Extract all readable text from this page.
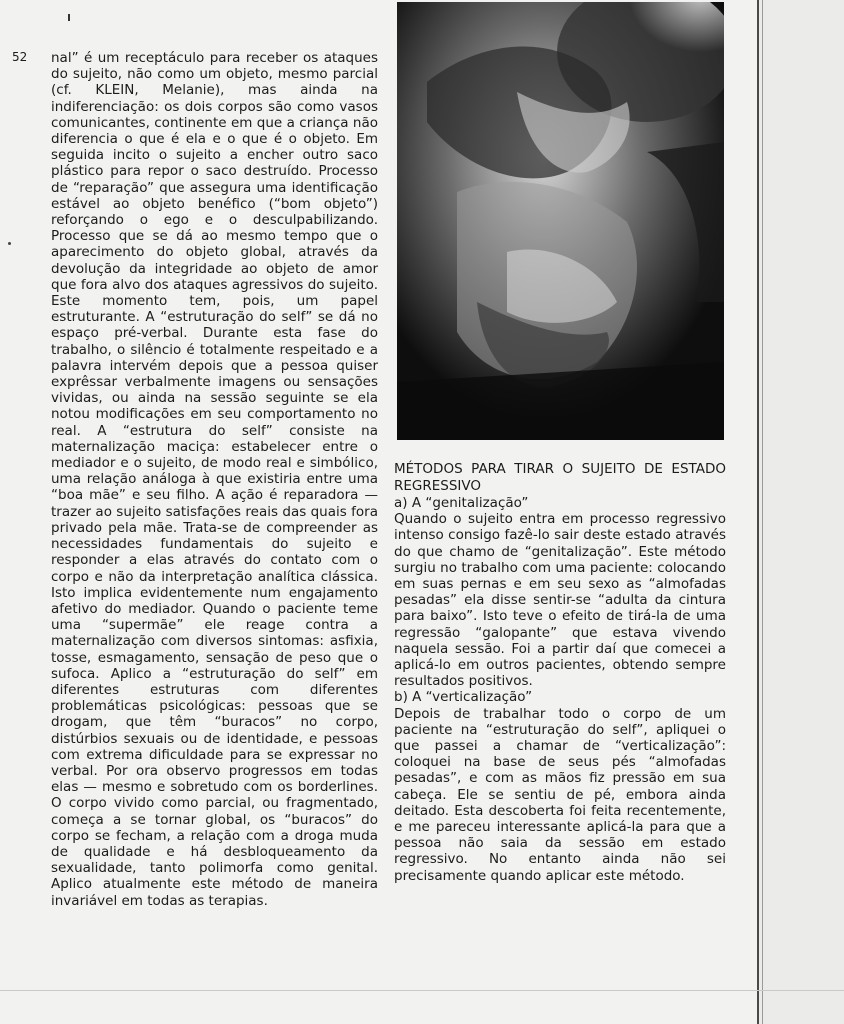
52 nal” é um receptáculo para receber os ataques do sujeito, não como um objeto, mesmo parcial (cf. KLEIN, Melanie), mas ainda na indiferenciação: os dois corpos são como vasos comunicantes, continente em que a criança não diferencia o que é ela e o que é o objeto. Em seguida incito o sujeito a encher outro saco plástico para repor o saco destruído. Processo de “reparação” que assegura uma identificação estável ao objeto benéfico (“bom objeto”) reforçando o ego e o desculpabilizando. Processo que se dá ao mesmo tempo que o aparecimento do objeto global, através da devolução da integridade ao objeto de amor que fora alvo dos ataques agressivos do sujeito. Este momento tem, pois, um papel estruturante. A “estruturação do self” se dá no espaço pré-verbal. Durante esta fase do trabalho, o silêncio é totalmente respeitado e a palavra intervém depois que a pessoa quiser exprêssar verbalmente imagens ou sensações vividas, ou ainda na sessão seguinte se ela notou modificações em seu comportamento no real. A “estrutura do self” consiste na maternalização maciça: estabelecer entre o mediador e o sujeito, de modo real e simbólico, uma relação análoga à que existiria entre uma “boa mãe” e seu filho. A ação é reparadora — trazer ao sujeito satisfações reais das quais fora privado pela mãe. Trata-se de compreender as necessidades fundamentais do sujeito e responder a elas através do contato com o corpo e não da interpretação analítica clássica. Isto implica evidentemente num engajamento afetivo do mediador. Quando o paciente teme uma “supermãe” ele reage contra a maternalização com diversos sintomas: asfixia, tosse, esmagamento, sensação de peso que o sufoca. Aplico a “estruturação do self” em diferentes estruturas com diferentes problemáticas psicológicas: pessoas que se drogam, que têm “buracos” no corpo, distúrbios sexuais ou de identidade, e pessoas com extrema dificuldade para se expressar no verbal. Por ora observo progressos em todas elas — mesmo e sobretudo com os borderlines. O corpo vivido como parcial, ou fragmentado, começa a se tornar global, os “buracos” do corpo se fecham, a relação com a droga muda de qualidade e há desbloqueamento da sexualidade, tanto polimorfa como genital. Aplico atualmente este método de maneira invariável em todas as terapias.

MÉTODOS PARA TIRAR O SUJEITO DE ESTADO REGRESSIVO

a) A “genitalização”

Quando o sujeito entra em processo regressivo intenso consigo fazê-lo sair deste estado através do que chamo de “genitalização”. Este método surgiu no trabalho com uma paciente: colocando em suas pernas e em seu sexo as “almofadas pesadas” ela disse sentir-se “adulta da cintura para baixo”. Isto teve o efeito de tirá-la de uma regressão “galopante” que estava vivendo naquela sessão. Foi a partir daí que comecei a aplicá-lo em outros pacientes, obtendo sempre resultados positivos.

b) A “verticalização”

Depois de trabalhar todo o corpo de um paciente na “estruturação do self”, apliquei o que passei a chamar de “verticalização”: coloquei na base de seus pés “almofadas pesadas”, e com as mãos fiz pressão em sua cabeça. Ele se sentiu de pé, embora ainda deitado. Esta descoberta foi feita recentemente, e me pareceu interessante aplicá-la para que a pessoa não saia da sessão em estado regressivo. No entanto ainda não sei precisamente quando aplicar este método.
